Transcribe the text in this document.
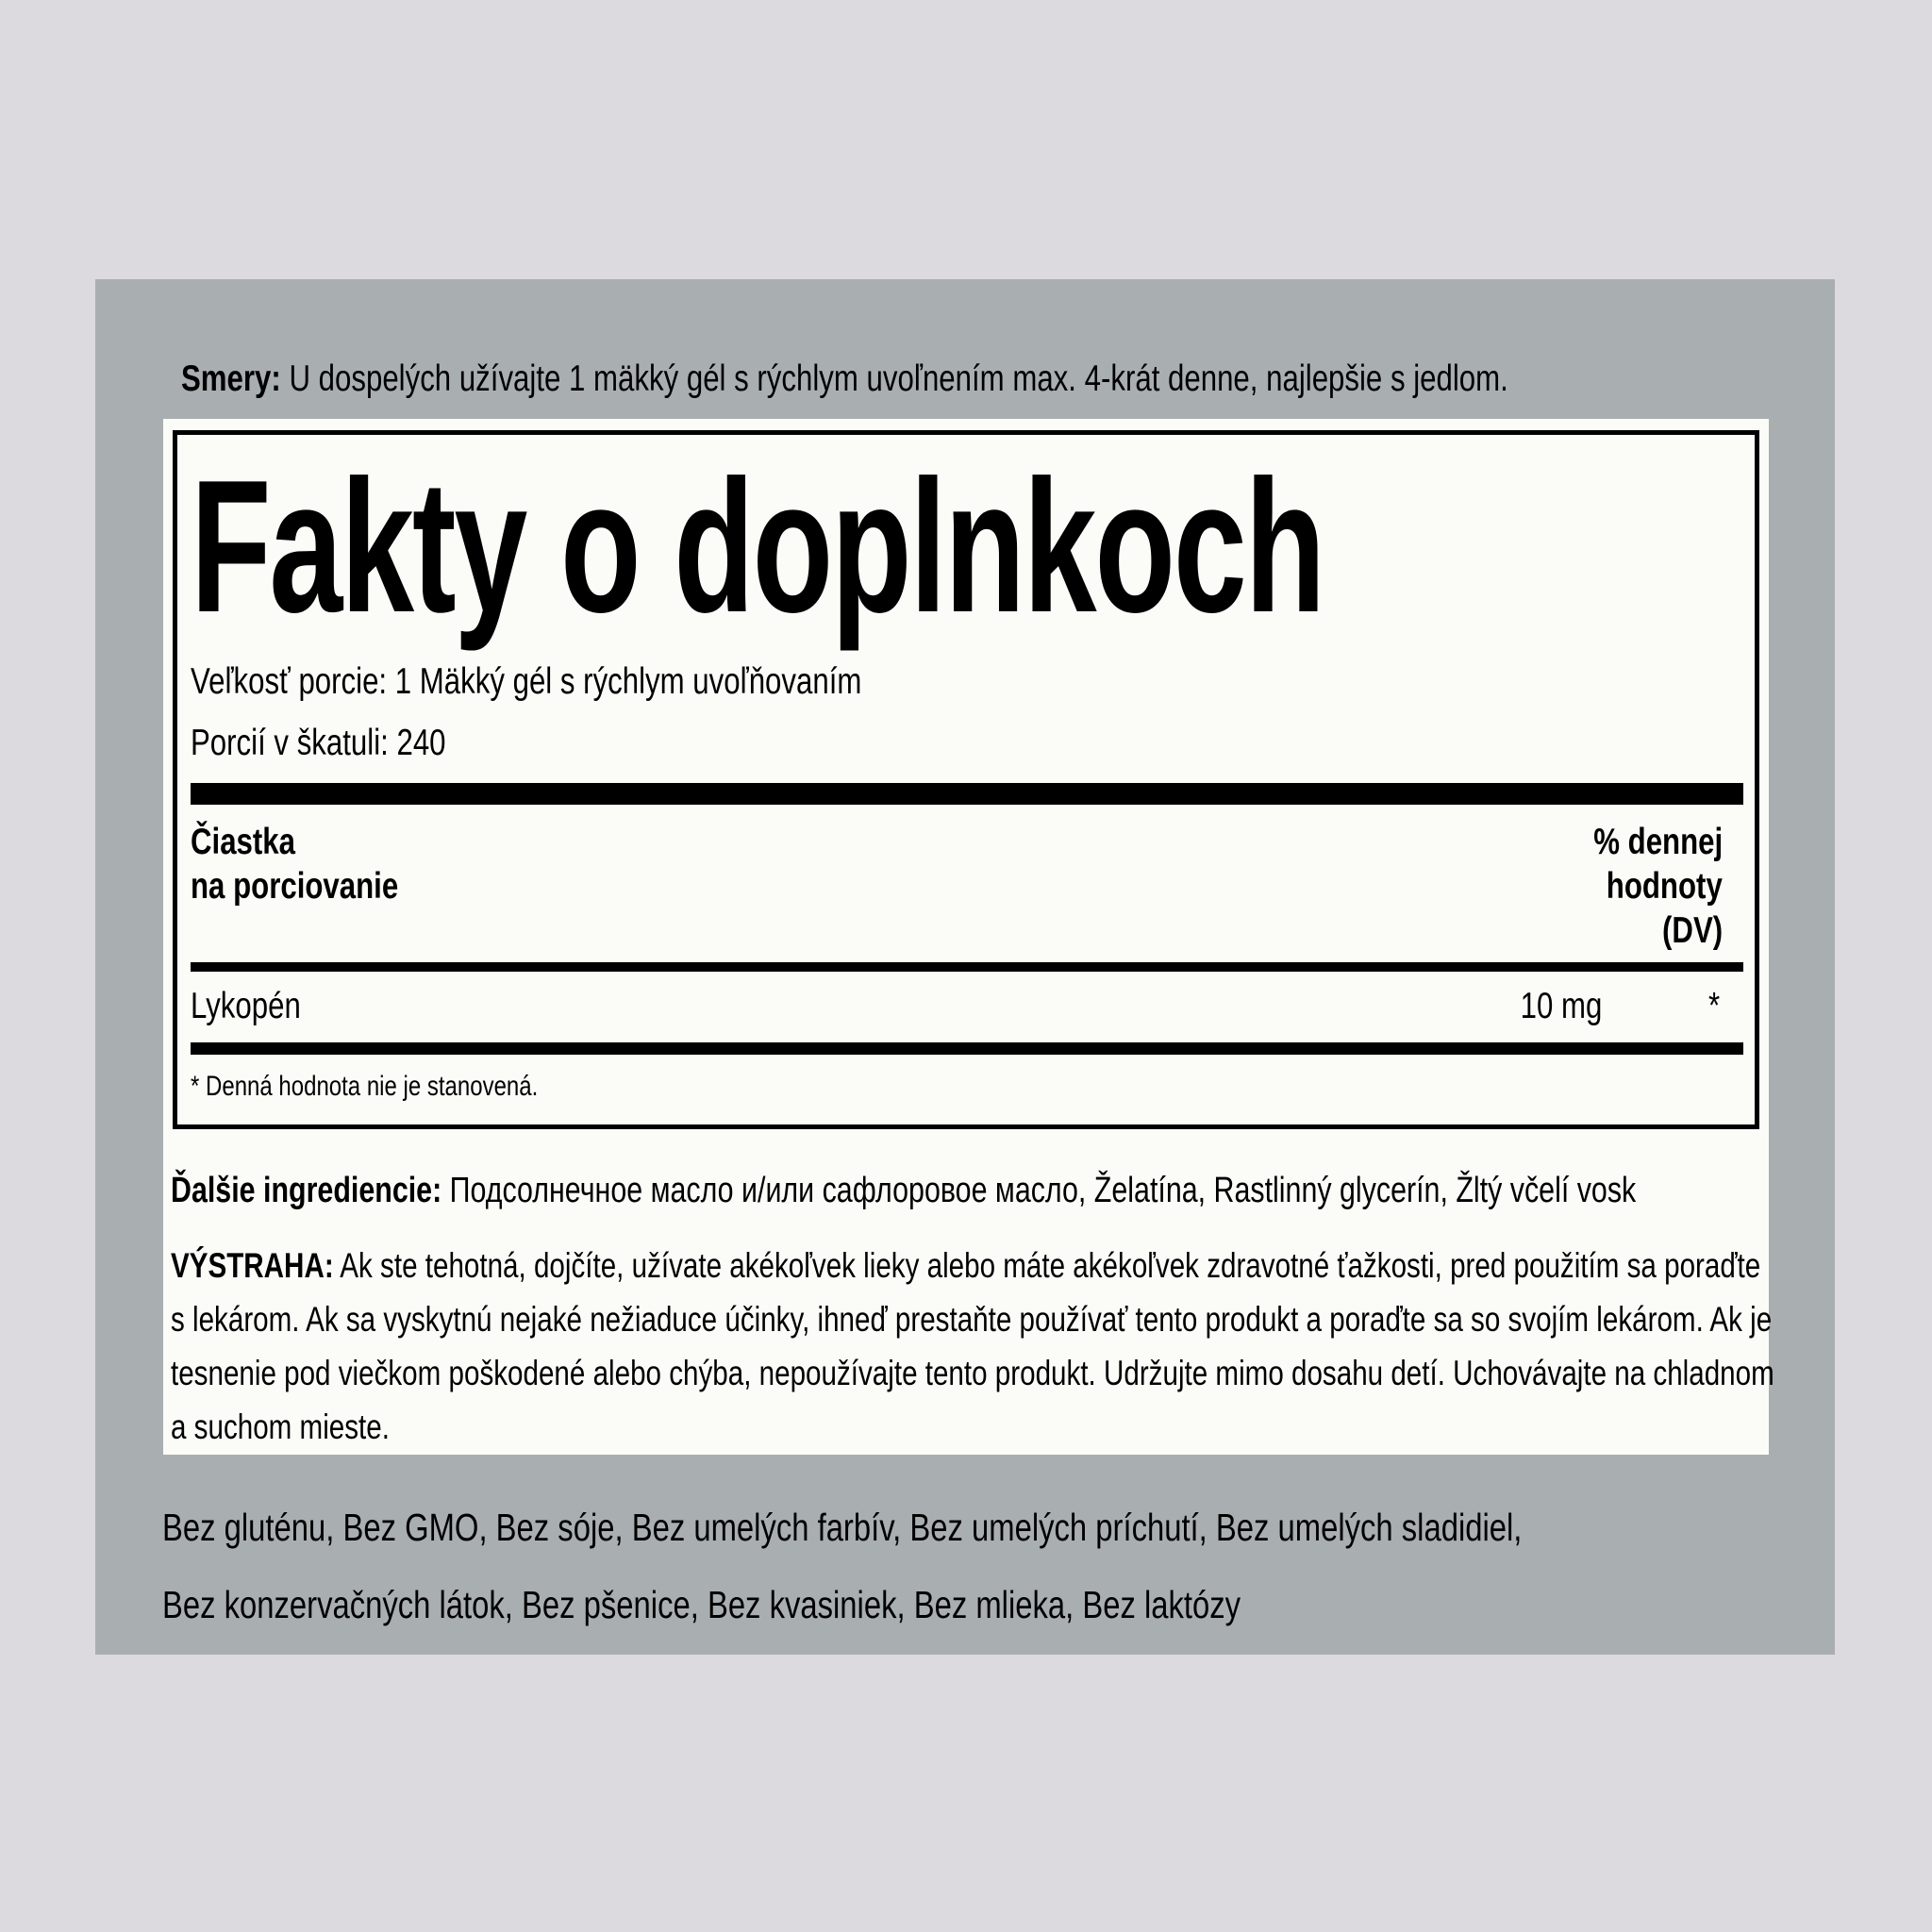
Smery: U dospelých užívajte 1 mäkký gél s rýchlym uvoľnením max. 4-krát denne, najlepšie s jedlom.
Fakty o doplnkoch
Veľkosť porcie: 1 Mäkký gél s rýchlym uvoľňovaním
Porcií v škatuli: 240
Čiastka
na porciovanie
% dennej
hodnoty
(DV)
Lykopén	10 mg	*
* Denná hodnota nie je stanovená.
Ďalšie ingrediencie: Подсолнечное масло и/или сафлоровое масло, Želatína, Rastlinný glycerín, Žltý včelí vosk
VÝSTRAHA: Ak ste tehotná, dojčíte, užívate akékoľvek lieky alebo máte akékoľvek zdravotné ťažkosti, pred použitím sa poraďte s lekárom. Ak sa vyskytnú nejaké nežiaduce účinky, ihneď prestaňte používať tento produkt a poraďte sa so svojím lekárom. Ak je tesnenie pod viečkom poškodené alebo chýba, nepoužívajte tento produkt. Udržujte mimo dosahu detí. Uchovávajte na chladnom a suchom mieste.
Bez gluténu, Bez GMO, Bez sóje, Bez umelých farbív, Bez umelých príchutí, Bez umelých sladidiel,
Bez konzervačných látok, Bez pšenice, Bez kvasiniek, Bez mlieka, Bez laktózy
